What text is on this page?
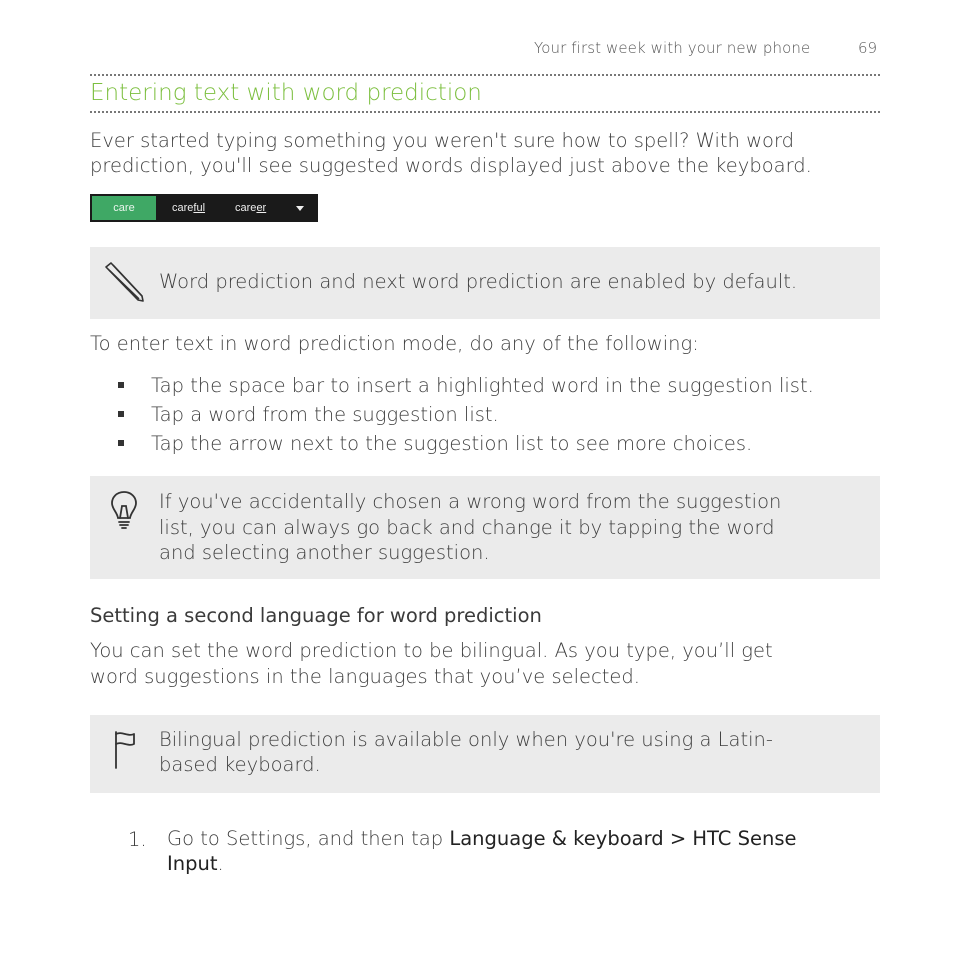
Your first week with your new phone	69
Entering text with word prediction
Ever started typing something you weren't sure how to spell? With word prediction, you'll see suggested words displayed just above the keyboard.
care	careful	career
Word prediction and next word prediction are enabled by default.
To enter text in word prediction mode, do any of the following:
Tap the space bar to insert a highlighted word in the suggestion list.
Tap a word from the suggestion list.
Tap the arrow next to the suggestion list to see more choices.
If you've accidentally chosen a wrong word from the suggestion
list, you can always go back and change it by tapping the word
and selecting another suggestion.
Setting a second language for word prediction
You can set the word prediction to be bilingual. As you type, you’ll get
word suggestions in the languages that you’ve selected.
Bilingual prediction is available only when you're using a Latin-
based keyboard.
1. Go to Settings, and then tap Language & keyboard > HTC Sense
Input.
